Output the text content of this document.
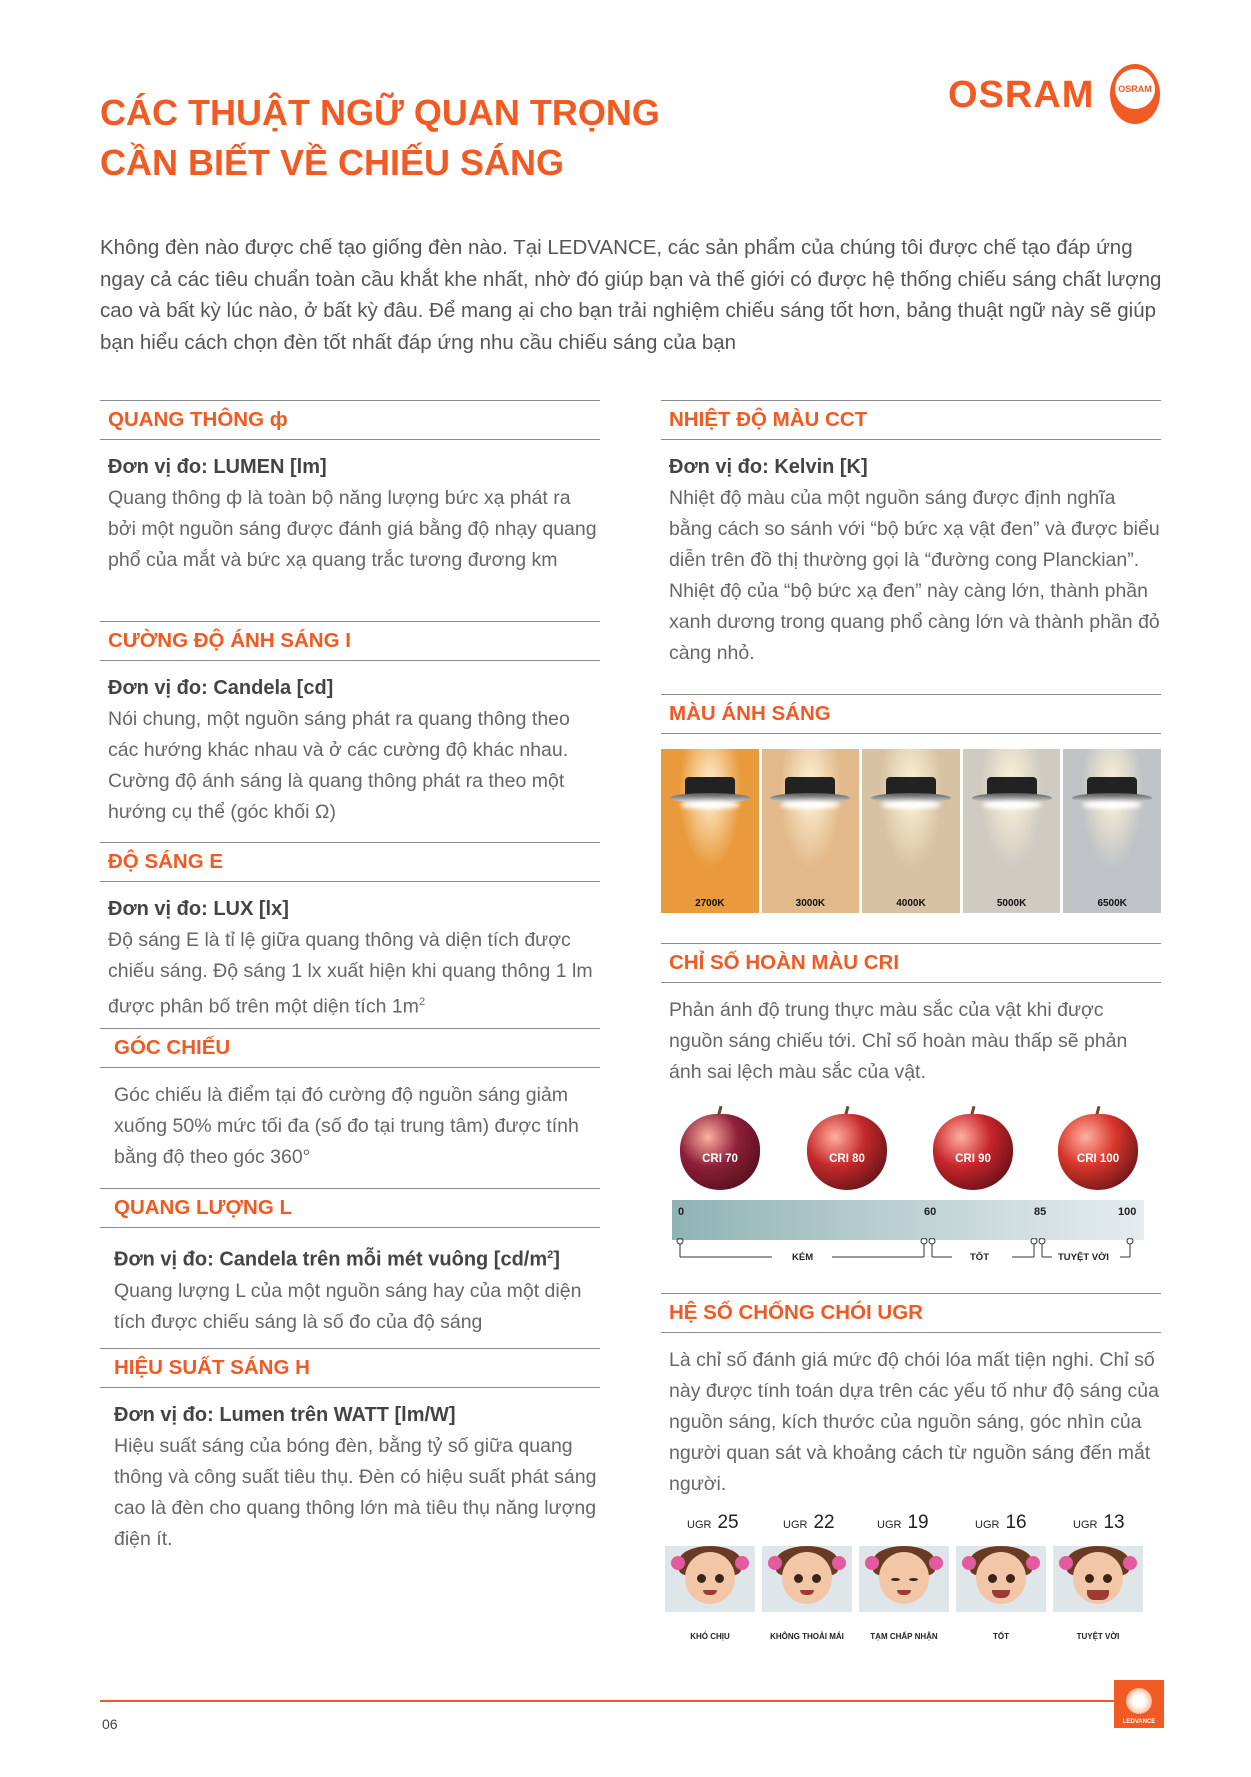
CÁC THUẬT NGỮ QUAN TRỌNG
CẦN BIẾT VỀ CHIẾU SÁNG
OSRAM	OSRAM

Không đèn nào được chế tạo giống đèn nào. Tại LEDVANCE, các sản phẩm của chúng tôi được chế tạo đáp ứng ngay cả các tiêu chuẩn toàn cầu khắt khe nhất, nhờ đó giúp bạn và thế giới có được hệ thống chiếu sáng chất lượng cao và bất kỳ lúc nào, ở bất kỳ đâu. Để mang ại cho bạn trải nghiệm chiếu sáng tốt hơn, bảng thuật ngữ này sẽ giúp bạn hiểu cách chọn đèn tốt nhất đáp ứng nhu cầu chiếu sáng của bạn

QUANG THÔNG ф
Đơn vị đo: LUMEN [lm]
Quang thông ф là toàn bộ năng lượng bức xạ phát ra bởi một nguồn sáng được đánh giá bằng độ nhạy quang phổ của mắt và bức xạ quang trắc tương đương km
CƯỜNG ĐỘ ÁNH SÁNG I
Đơn vị đo: Candela [cd]
Nói chung, một nguồn sáng phát ra quang thông theo các hướng khác nhau và ở các cường độ khác nhau. Cường độ ánh sáng là quang thông phát ra theo một hướng cụ thể (góc khối Ω)
ĐỘ SÁNG E
Đơn vị đo: LUX [lx]
Độ sáng E là tỉ lệ giữa quang thông và diện tích được chiếu sáng. Độ sáng 1 lx xuất hiện khi quang thông 1 lm được phân bố trên một diện tích $1m^2$
GÓC CHIẾU
Góc chiếu là điểm tại đó cường độ nguồn sáng giảm xuống 50% mức tối đa (số đo tại trung tâm) được tính bằng độ theo góc 360°
QUANG LƯỢNG L
Đơn vị đo: Candela trên mỗi mét vuông $[cd/m^2]$
Quang lượng L của một nguồn sáng hay của một diện tích được chiếu sáng là số đo của độ sáng
HIỆU SUẤT SÁNG H
Đơn vị đo: Lumen trên WATT [lm/W]
Hiệu suất sáng của bóng đèn, bằng tỷ số giữa quang thông và công suất tiêu thụ. Đèn có hiệu suất phát sáng cao là đèn cho quang thông lớn mà tiêu thụ năng lượng điện ít.
NHIỆT ĐỘ MÀU CCT
Đơn vị đo: Kelvin [K]
Nhiệt độ màu của một nguồn sáng được định nghĩa bằng cách so sánh với “bộ bức xạ vật đen” và được biểu diễn trên đồ thị thường gọi là “đường cong Planckian”. Nhiệt độ của “bộ bức xạ đen” này càng lớn, thành phần xanh dương trong quang phổ càng lớn và thành phần đỏ càng nhỏ.
MÀU ÁNH SÁNG
CHỈ SỐ HOÀN MÀU CRI
Phản ánh độ trung thực màu sắc của vật khi được nguồn sáng chiếu tới. Chỉ số hoàn màu thấp sẽ phản ánh sai lệch màu sắc của vật.
HỆ SỐ CHỐNG CHÓI UGR
Là chỉ số đánh giá mức độ chói lóa mất tiện nghi. Chỉ số này được tính toán dựa trên các yếu tố như độ sáng của nguồn sáng, kích thước của nguồn sáng, góc nhìn của người quan sát và khoảng cách từ nguồn sáng đến mắt người.
2700K	3000K	4000K	5000K	6500K
CRI 70	CRI 80	CRI 90	CRI 100
0	60	85	100
KÉM	TỐT	TUYỆT VỜI
UGR 25	UGR 22	UGR 19	UGR 16	UGR 13
KHÓ CHỊU	KHÔNG THOẢI MÁI	TẠM CHẤP NHẬN	TỐT	TUYỆT VỜI
06	LEDVANCE
